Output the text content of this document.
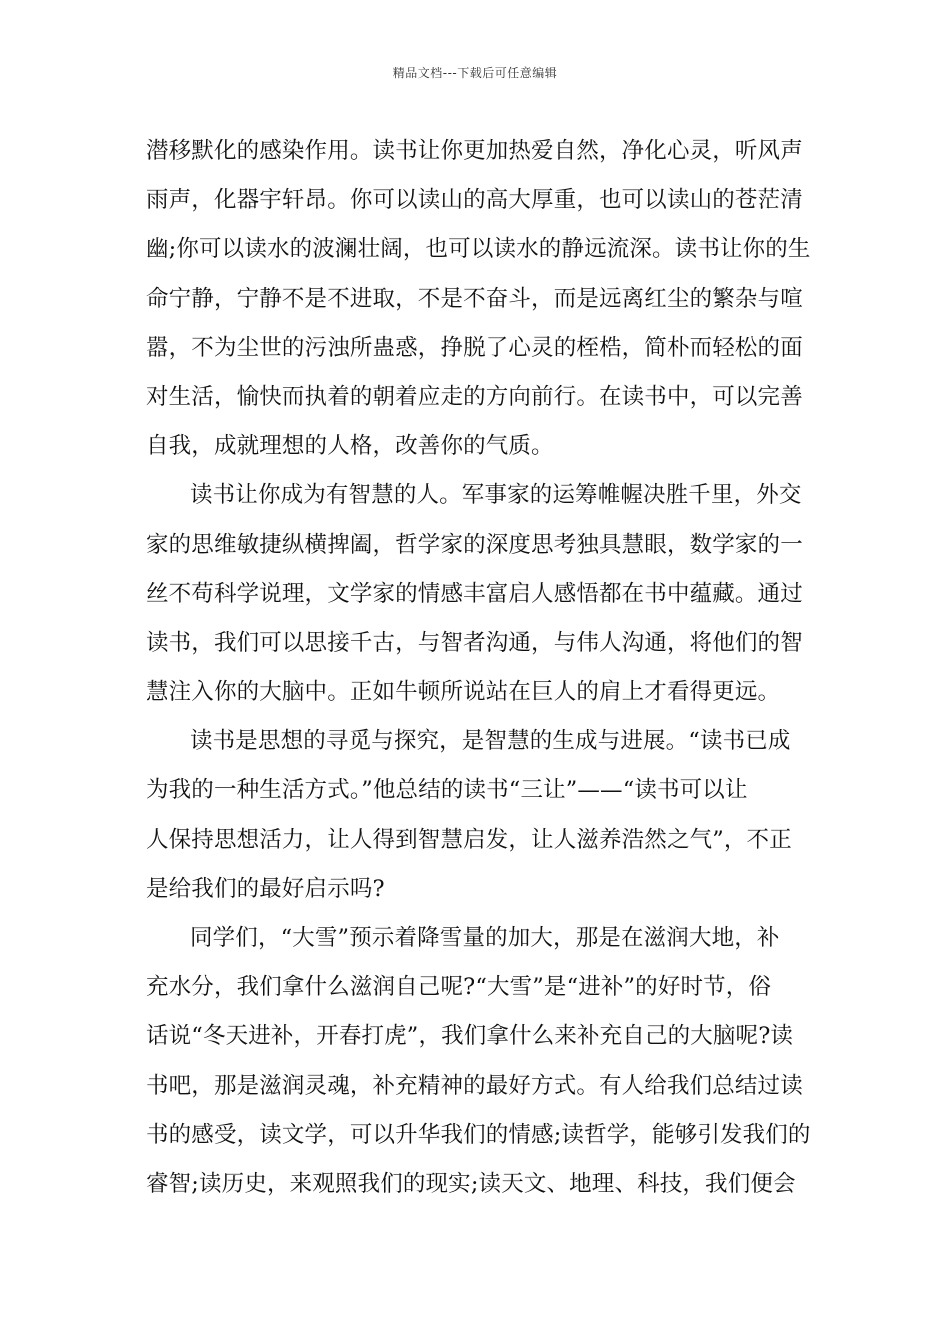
精品文档---下载后可任意编辑
潜移默化的感染作用。读书让你更加热爱自然，净化心灵，听风声
雨声，化器宇轩昂。你可以读山的高大厚重，也可以读山的苍茫清
幽;你可以读水的波澜壮阔，也可以读水的静远流深。读书让你的生
命宁静，宁静不是不进取，不是不奋斗，而是远离红尘的繁杂与喧
嚣，不为尘世的污浊所蛊惑，挣脱了心灵的桎梏，简朴而轻松的面
对生活，愉快而执着的朝着应走的方向前行。在读书中，可以完善
自我，成就理想的人格，改善你的气质。
读书让你成为有智慧的人。军事家的运筹帷幄决胜千里，外交
家的思维敏捷纵横捭阖，哲学家的深度思考独具慧眼，数学家的一
丝不苟科学说理，文学家的情感丰富启人感悟都在书中蕴藏。通过
读书，我们可以思接千古，与智者沟通，与伟人沟通，将他们的智
慧注入你的大脑中。正如牛顿所说站在巨人的肩上才看得更远。
读书是思想的寻觅与探究，是智慧的生成与进展。“读书已成
为我的一种生活方式。”他总结的读书“三让”——“读书可以让
人保持思想活力，让人得到智慧启发，让人滋养浩然之气”，不正
是给我们的最好启示吗?
同学们，“大雪”预示着降雪量的加大，那是在滋润大地，补
充水分，我们拿什么滋润自己呢?“大雪”是“进补”的好时节，俗
话说“冬天进补，开春打虎”，我们拿什么来补充自己的大脑呢?读
书吧，那是滋润灵魂，补充精神的最好方式。有人给我们总结过读
书的感受，读文学，可以升华我们的情感;读哲学，能够引发我们的
睿智;读历史，来观照我们的现实;读天文、地理、科技，我们便会
